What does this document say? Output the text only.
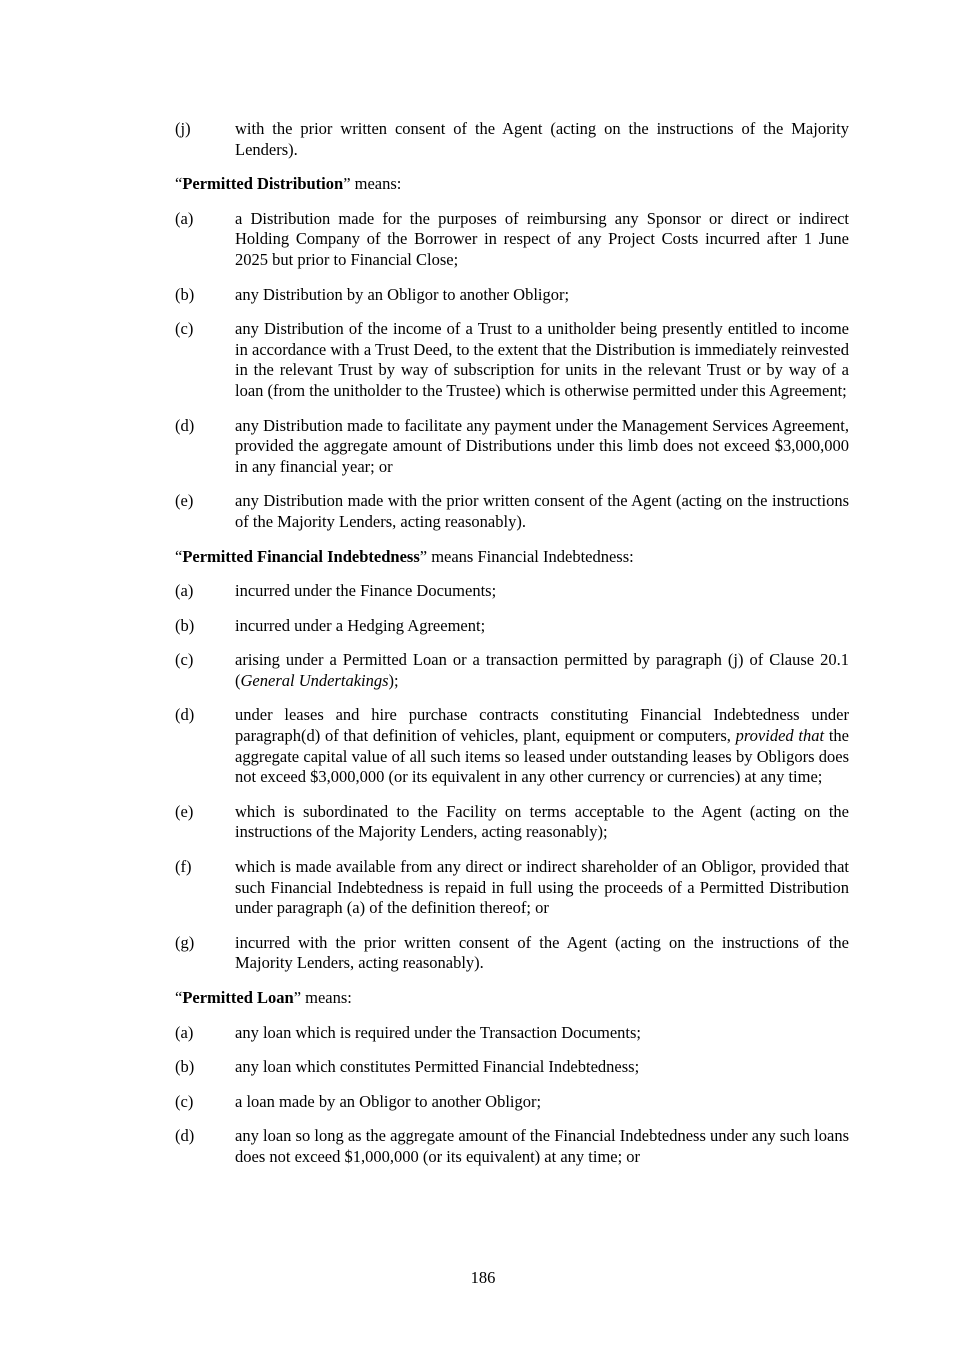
(j)	with the prior written consent of the Agent (acting on the instructions of the Majority Lenders).

“Permitted Distribution” means:

(a)	a Distribution made for the purposes of reimbursing any Sponsor or direct or indirect Holding Company of the Borrower in respect of any Project Costs incurred after 1 June 2025 but prior to Financial Close;
(b)	any Distribution by an Obligor to another Obligor;
(c)	any Distribution of the income of a Trust to a unitholder being presently entitled to income in accordance with a Trust Deed, to the extent that the Distribution is immediately reinvested in the relevant Trust by way of subscription for units in the relevant Trust or by way of a loan (from the unitholder to the Trustee) which is otherwise permitted under this Agreement;
(d)	any Distribution made to facilitate any payment under the Management Services Agreement, provided the aggregate amount of Distributions under this limb does not exceed $3,000,000 in any financial year; or
(e)	any Distribution made with the prior written consent of the Agent (acting on the instructions of the Majority Lenders, acting reasonably).

“Permitted Financial Indebtedness” means Financial Indebtedness:

(a)	incurred under the Finance Documents;
(b)	incurred under a Hedging Agreement;
(c)	arising under a Permitted Loan or a transaction permitted by paragraph (j) of Clause 20.1 (General Undertakings);
(d)	under leases and hire purchase contracts constituting Financial Indebtedness under paragraph(d) of that definition of vehicles, plant, equipment or computers, provided that the aggregate capital value of all such items so leased under outstanding leases by Obligors does not exceed $3,000,000 (or its equivalent in any other currency or currencies) at any time;
(e)	which is subordinated to the Facility on terms acceptable to the Agent (acting on the instructions of the Majority Lenders, acting reasonably);
(f)	which is made available from any direct or indirect shareholder of an Obligor, provided that such Financial Indebtedness is repaid in full using the proceeds of a Permitted Distribution under paragraph (a) of the definition thereof; or
(g)	incurred with the prior written consent of the Agent (acting on the instructions of the Majority Lenders, acting reasonably).

“Permitted Loan” means:

(a)	any loan which is required under the Transaction Documents;
(b)	any loan which constitutes Permitted Financial Indebtedness;
(c)	a loan made by an Obligor to another Obligor;
(d)	any loan so long as the aggregate amount of the Financial Indebtedness under any such loans does not exceed $1,000,000 (or its equivalent) at any time; or
186
